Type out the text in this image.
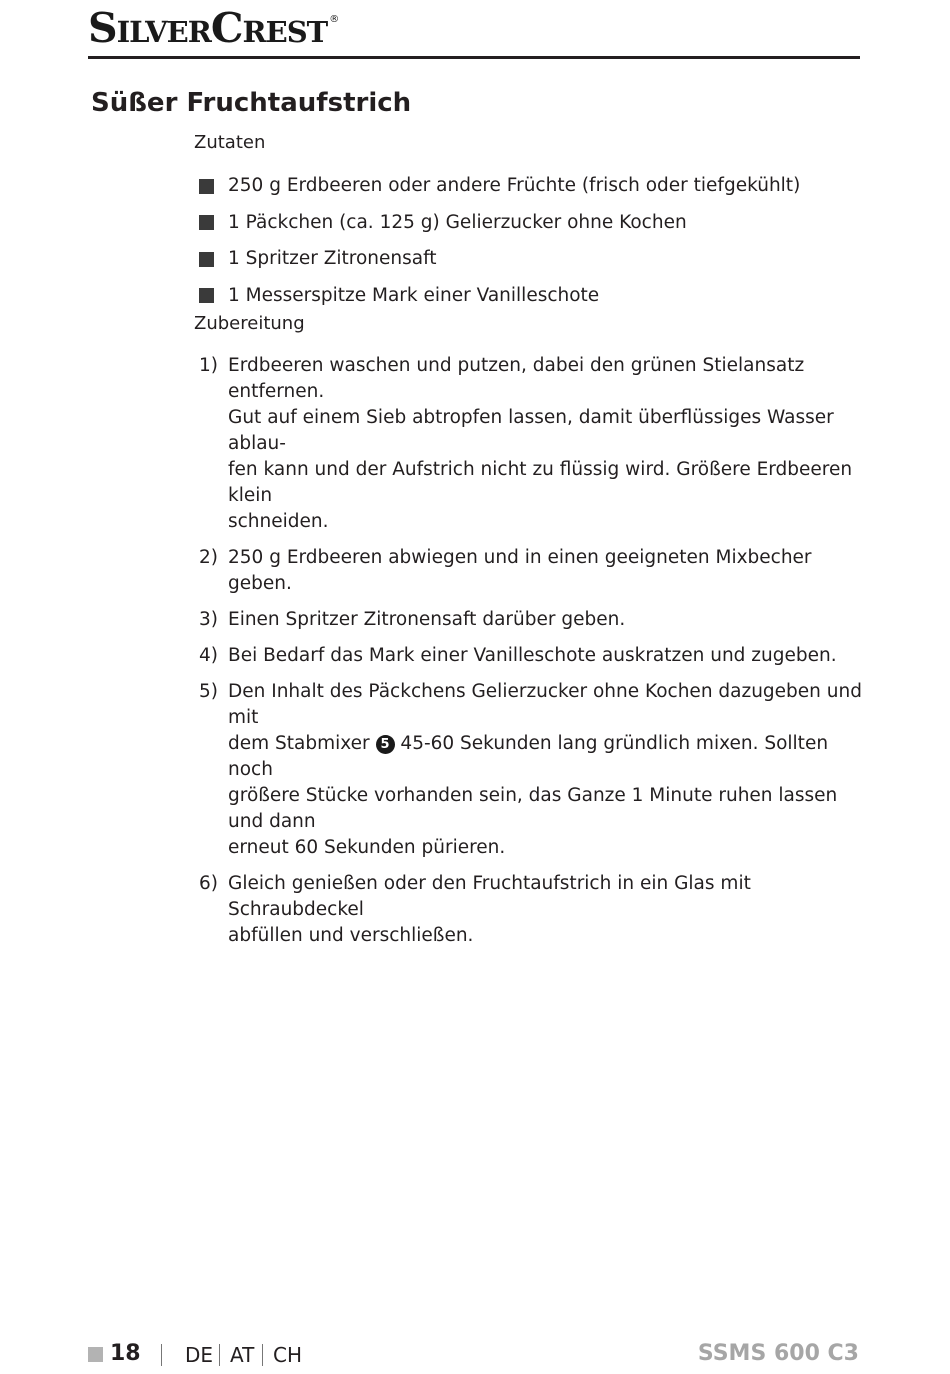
SILVERCREST ®
Süßer Fruchtaufstrich
Zutaten
250 g Erdbeeren oder andere Früchte (frisch oder tiefgekühlt)
1 Päckchen (ca. 125 g) Gelierzucker ohne Kochen
1 Spritzer Zitronensaft
1 Messerspitze Mark einer Vanilleschote
Zubereitung
1) Erdbeeren waschen und putzen, dabei den grünen Stielansatz entfernen.
Gut auf einem Sieb abtropfen lassen, damit überflüssiges Wasser ablau-
fen kann und der Aufstrich nicht zu flüssig wird. Größere Erdbeeren klein
schneiden.
2) 250 g Erdbeeren abwiegen und in einen geeigneten Mixbecher geben.
3) Einen Spritzer Zitronensaft darüber geben.
4) Bei Bedarf das Mark einer Vanilleschote auskratzen und zugeben.
5) Den Inhalt des Päckchens Gelierzucker ohne Kochen dazugeben und mit
dem Stabmixer 5 45-60 Sekunden lang gründlich mixen. Sollten noch
größere Stücke vorhanden sein, das Ganze 1 Minute ruhen lassen und dann
erneut 60 Sekunden pürieren.
6) Gleich genießen oder den Fruchtaufstrich in ein Glas mit Schraubdeckel
abfüllen und verschließen.
18 DE AT CH	SSMS 600 C3
